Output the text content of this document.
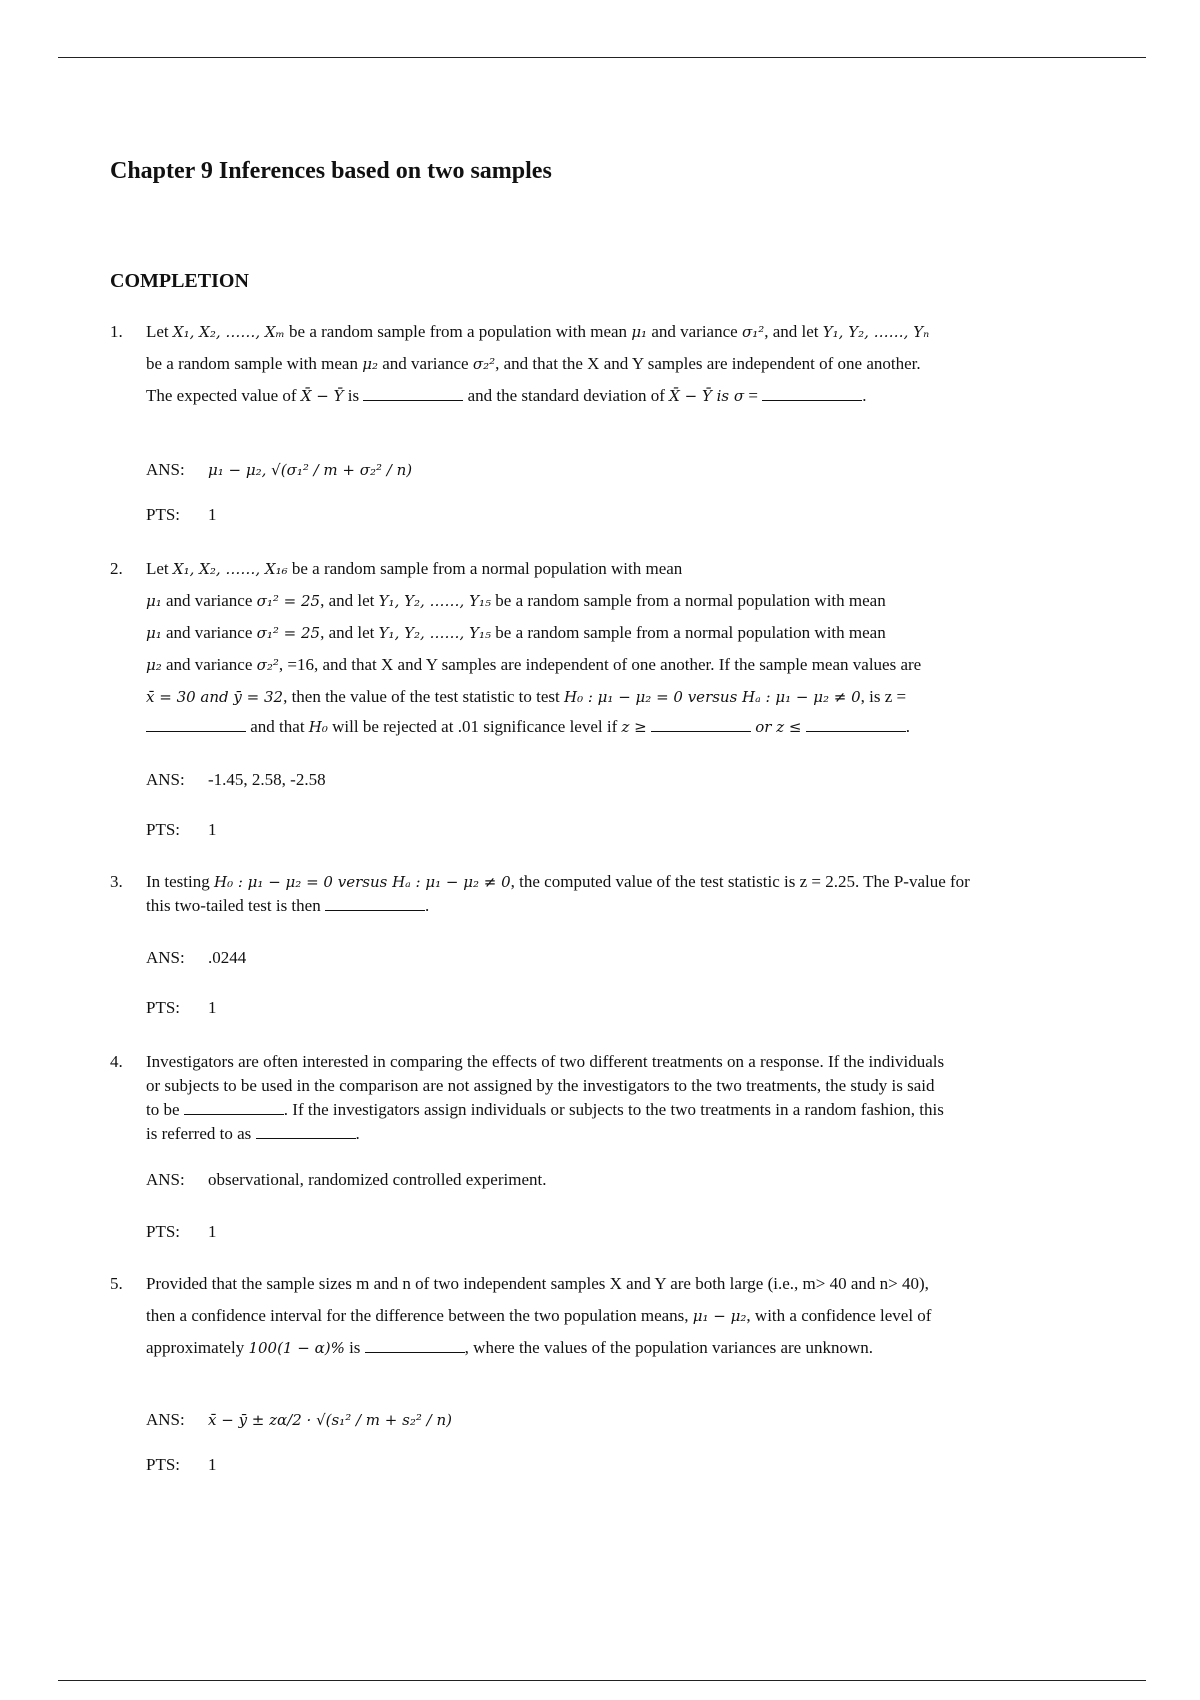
Chapter 9 Inferences based on two samples
COMPLETION
1.	Let X₁, X₂, ……, Xₘ be a random sample from a population with mean μ₁ and variance σ₁², and let Y₁, Y₂, ……, Yₙ
be a random sample with mean μ₂ and variance σ₂², and that the X and Y samples are independent of one another.
The expected value of X̄ − Ȳ is	and the standard deviation of X̄ − Ȳ is σ =	.
ANS: μ₁ − μ₂, √(σ₁² / m + σ₂² / n)
PTS: 1
2.	Let X₁, X₂, ……, X₁₆ be a random sample from a normal population with mean
μ₁ and variance σ₁² = 25, and let Y₁, Y₂, ……, Y₁₅ be a random sample from a normal population with mean
μ₁ and variance σ₁² = 25, and let Y₁, Y₂, ……, Y₁₅ be a random sample from a normal population with mean
μ₂ and variance σ₂², =16, and that X and Y samples are independent of one another. If the sample mean values are
x̄ = 30 and ȳ = 32, then the value of the test statistic to test H₀ : μ₁ − μ₂ = 0 versus Hₐ : μ₁ − μ₂ ≠ 0, is z =
and that H₀ will be rejected at .01 significance level if z ≥	or z ≤	.
ANS: -1.45, 2.58, -2.58
PTS: 1
3.	In testing H₀ : μ₁ − μ₂ = 0 versus Hₐ : μ₁ − μ₂ ≠ 0, the computed value of the test statistic is z = 2.25. The P-value for
this two-tailed test is then	.
ANS: .0244
PTS: 1
4.	Investigators are often interested in comparing the effects of two different treatments on a response. If the individuals
or subjects to be used in the comparison are not assigned by the investigators to the two treatments, the study is said
to be	. If the investigators assign individuals or subjects to the two treatments in a random fashion, this
is referred to as	.
ANS: observational, randomized controlled experiment.
PTS: 1
5.	Provided that the sample sizes m and n of two independent samples X and Y are both large (i.e., m> 40 and n> 40),
then a confidence interval for the difference between the two population means, μ₁ − μ₂, with a confidence level of
approximately 100(1 − α)% is	, where the values of the population variances are unknown.
ANS: x̄ − ȳ ± zα/2 · √(s₁² / m + s₂² / n)
PTS: 1
